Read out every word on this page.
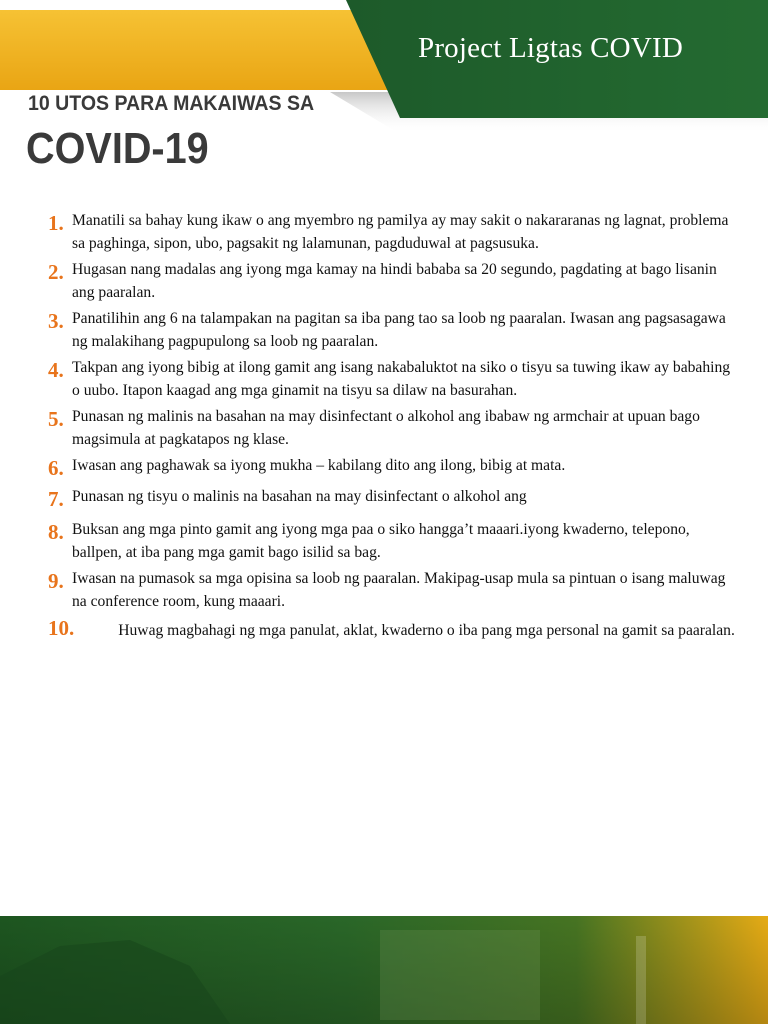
Project Ligtas COVID
10 UTOS PARA MAKAIWAS SA
COVID-19
1. Manatili sa bahay kung ikaw o ang myembro ng pamilya ay may sakit o nakararanas ng lagnat, problema sa paghinga, sipon, ubo, pagsakit ng lalamunan, pagduduwal at pagsusuka.
2. Hugasan nang madalas ang iyong mga kamay na hindi bababa sa 20 segundo, pagdating at bago lisanin ang paaralan.
3. Panatilihin ang 6 na talampakan na pagitan sa iba pang tao sa loob ng paaralan. Iwasan ang pagsasagawa ng malakihang pagpupulong sa loob ng paaralan.
4. Takpan ang iyong bibig at ilong gamit ang isang nakabaluktot na siko o tisyu sa tuwing ikaw ay babahing o uubo. Itapon kaagad ang mga ginamit na tisyu sa dilaw na basurahan.
5. Punasan ng malinis na basahan na may disinfectant o alkohol ang ibabaw ng armchair at upuan bago magsimula at pagkatapos ng klase.
6. Iwasan ang paghawak sa iyong mukha – kabilang dito ang ilong, bibig at mata.
7. Punasan ng tisyu o malinis na basahan na may disinfectant o alkohol ang
8. Buksan ang mga pinto gamit ang iyong mga paa o siko hangga’t maaari.iyong kwaderno, telepono, ballpen, at iba pang mga gamit bago isilid sa bag.
9. Iwasan na pumasok sa mga opisina sa loob ng paaralan. Makipag-usap mula sa pintuan o isang maluwag na conference room, kung maaari.
10.	Huwag magbahagi ng mga panulat, aklat, kwaderno o iba pang mga personal na gamit sa paaralan.
